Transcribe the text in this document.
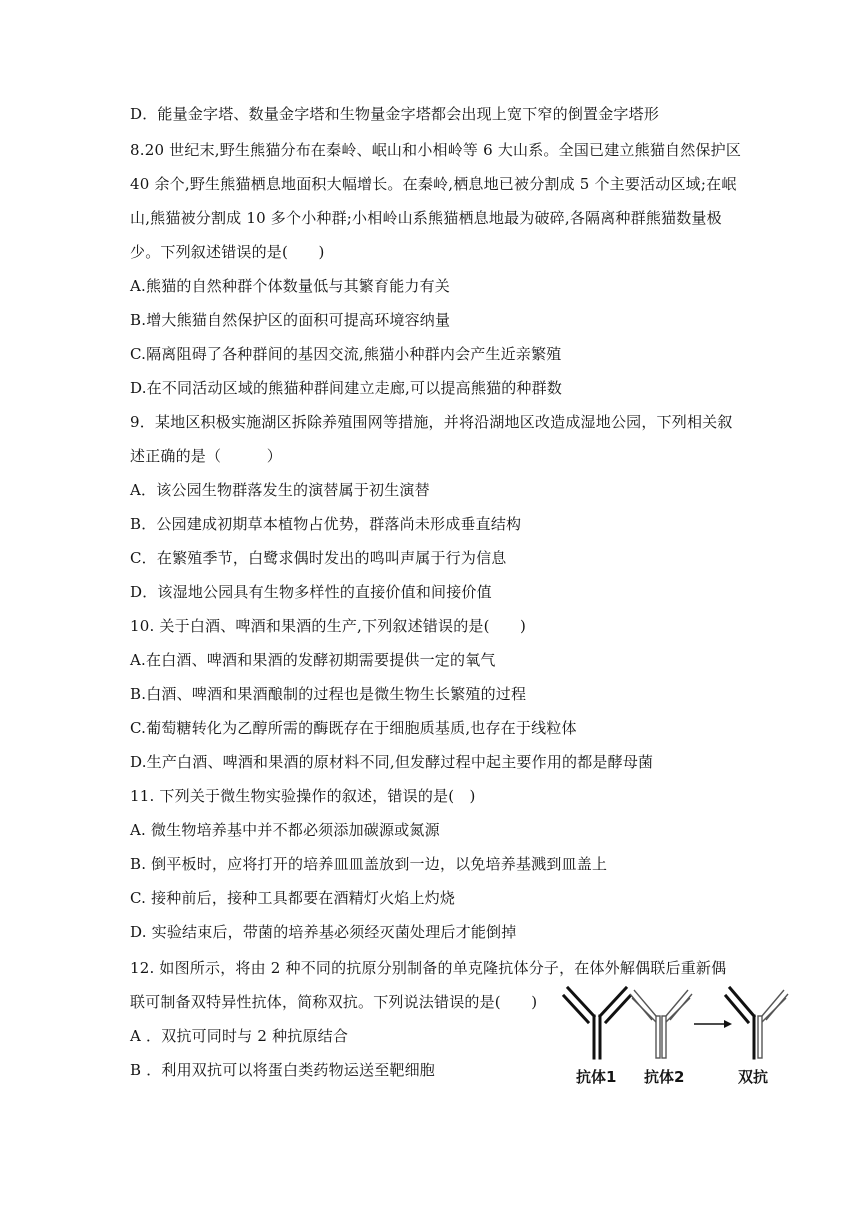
D．能量金字塔、数量金字塔和生物量金字塔都会出现上宽下窄的倒置金字塔形
8.20 世纪末,野生熊猫分布在秦岭、岷山和小相岭等 6 大山系。全国已建立熊猫自然保护区
40 余个,野生熊猫栖息地面积大幅增长。在秦岭,栖息地已被分割成 5 个主要活动区域;在岷
山,熊猫被分割成 10 多个小种群;小相岭山系熊猫栖息地最为破碎,各隔离种群熊猫数量极
少。下列叙述错误的是(　　)
A.熊猫的自然种群个体数量低与其繁育能力有关
B.增大熊猫自然保护区的面积可提高环境容纳量
C.隔离阻碍了各种群间的基因交流,熊猫小种群内会产生近亲繁殖
D.在不同活动区域的熊猫种群间建立走廊,可以提高熊猫的种群数
9．某地区积极实施湖区拆除养殖围网等措施，并将沿湖地区改造成湿地公园，下列相关叙
述正确的是（　　　）
A．该公园生物群落发生的演替属于初生演替
B．公园建成初期草本植物占优势，群落尚未形成垂直结构
C．在繁殖季节，白鹭求偶时发出的鸣叫声属于行为信息
D．该湿地公园具有生物多样性的直接价值和间接价值
10. 关于白酒、啤酒和果酒的生产,下列叙述错误的是(　　)
A.在白酒、啤酒和果酒的发酵初期需要提供一定的氧气
B.白酒、啤酒和果酒酿制的过程也是微生物生长繁殖的过程
C.葡萄糖转化为乙醇所需的酶既存在于细胞质基质,也存在于线粒体
D.生产白酒、啤酒和果酒的原材料不同,但发酵过程中起主要作用的都是酵母菌
11. 下列关于微生物实验操作的叙述，错误的是(　)
A. 微生物培养基中并不都必须添加碳源或氮源
B. 倒平板时，应将打开的培养皿皿盖放到一边，以免培养基溅到皿盖上
C. 接种前后，接种工具都要在酒精灯火焰上灼烧
D. 实验结束后，带菌的培养基必须经灭菌处理后才能倒掉
12. 如图所示，将由 2 种不同的抗原分别制备的单克隆抗体分子，在体外解偶联后重新偶
联可制备双特异性抗体，简称双抗。下列说法错误的是(　　)
A ．双抗可同时与 2 种抗原结合
B ．利用双抗可以将蛋白类药物运送至靶细胞	抗体1 抗体2	双抗
